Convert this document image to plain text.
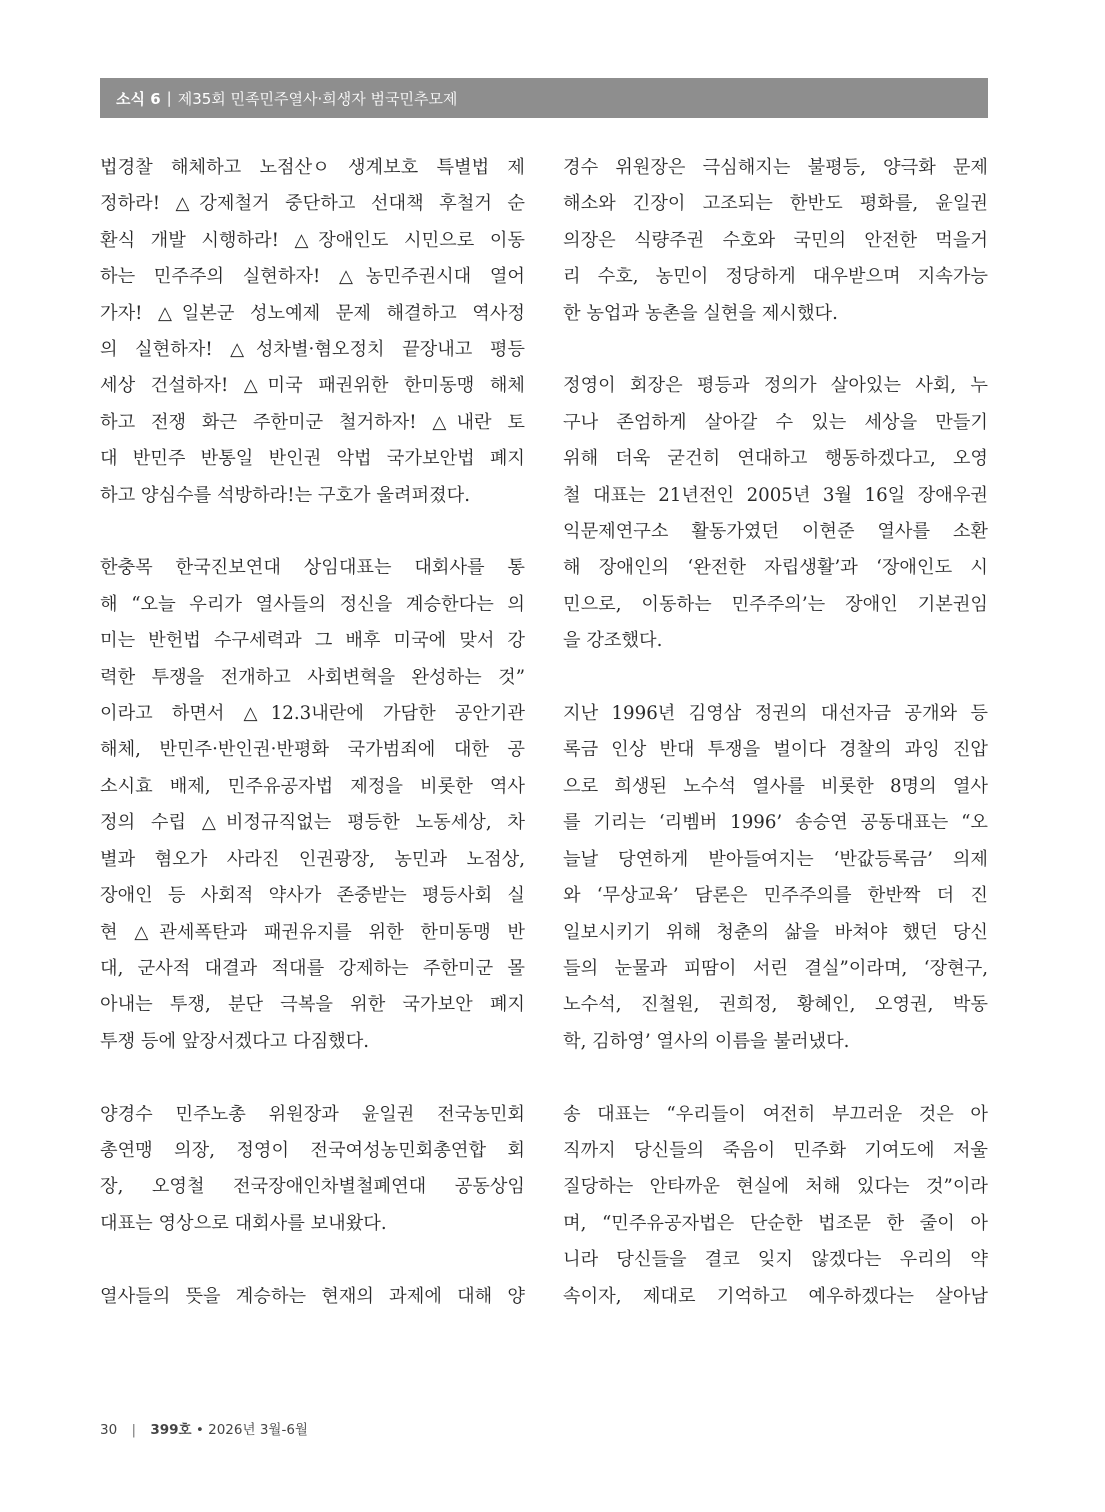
소식 6 | 제35회 민족민주열사·희생자 범국민추모제
법경찰 해체하고 노점산ㅇ 생계보호 특별법 제
정하라! △강제철거 중단하고 선대책 후철거 순
환식 개발 시행하라! △장애인도 시민으로 이동
하는 민주주의 실현하자! △농민주권시대 열어
가자! △일본군 성노예제 문제 해결하고 역사정
의 실현하자! △성차별·혐오정치 끝장내고 평등
세상 건설하자! △미국 패권위한 한미동맹 해체
하고 전쟁 화근 주한미군 철거하자! △내란 토
대 반민주 반통일 반인권 악법 국가보안법 폐지
하고 양심수를 석방하라!는 구호가 울려퍼졌다.
한충목 한국진보연대 상임대표는 대회사를 통
해 “오늘 우리가 열사들의 정신을 계승한다는 의
미는 반헌법 수구세력과 그 배후 미국에 맞서 강
력한 투쟁을 전개하고 사회변혁을 완성하는 것”
이라고 하면서 △12.3내란에 가담한 공안기관
해체, 반민주·반인권·반평화 국가범죄에 대한 공
소시효 배제, 민주유공자법 제정을 비롯한 역사
정의 수립 △비정규직없는 평등한 노동세상, 차
별과 혐오가 사라진 인권광장, 농민과 노점상,
장애인 등 사회적 약사가 존중받는 평등사회 실
현 △관세폭탄과 패권유지를 위한 한미동맹 반
대, 군사적 대결과 적대를 강제하는 주한미군 몰
아내는 투쟁, 분단 극복을 위한 국가보안 폐지
투쟁 등에 앞장서겠다고 다짐했다.
양경수 민주노총 위원장과 윤일권 전국농민회
총연맹 의장, 정영이 전국여성농민회총연합 회
장, 오영철 전국장애인차별철폐연대 공동상임
대표는 영상으로 대회사를 보내왔다.
열사들의 뜻을 계승하는 현재의 과제에 대해 양
경수 위원장은 극심해지는 불평등, 양극화 문제
해소와 긴장이 고조되는 한반도 평화를, 윤일권
의장은 식량주권 수호와 국민의 안전한 먹을거
리 수호, 농민이 정당하게 대우받으며 지속가능
한 농업과 농촌을 실현을 제시했다.
정영이 회장은 평등과 정의가 살아있는 사회, 누
구나 존엄하게 살아갈 수 있는 세상을 만들기
위해 더욱 굳건히 연대하고 행동하겠다고, 오영
철 대표는 21년전인 2005년 3월 16일 장애우권
익문제연구소 활동가였던 이현준 열사를 소환
해 장애인의 ‘완전한 자립생활’과 ‘장애인도 시
민으로, 이동하는 민주주의’는 장애인 기본권임
을 강조했다.
지난 1996년 김영삼 정권의 대선자금 공개와 등
록금 인상 반대 투쟁을 벌이다 경찰의 과잉 진압
으로 희생된 노수석 열사를 비롯한 8명의 열사
를 기리는 ‘리벰버 1996’ 송승연 공동대표는 “오
늘날 당연하게 받아들여지는 ‘반값등록금’ 의제
와 ‘무상교육’ 담론은 민주주의를 한반짝 더 진
일보시키기 위해 청춘의 삶을 바쳐야 했던 당신
들의 눈물과 피땀이 서린 결실”이라며, ‘장현구,
노수석, 진철원, 권희정, 황혜인, 오영권, 박동
학, 김하영’ 열사의 이름을 불러냈다.
송 대표는 “우리들이 여전히 부끄러운 것은 아
직까지 당신들의 죽음이 민주화 기여도에 저울
질당하는 안타까운 현실에 처해 있다는 것”이라
며, “민주유공자법은 단순한 법조문 한 줄이 아
니라 당신들을 결코 잊지 않겠다는 우리의 약
속이자, 제대로 기억하고 예우하겠다는 살아남
30 | 399호 • 2026년 3월-6월
